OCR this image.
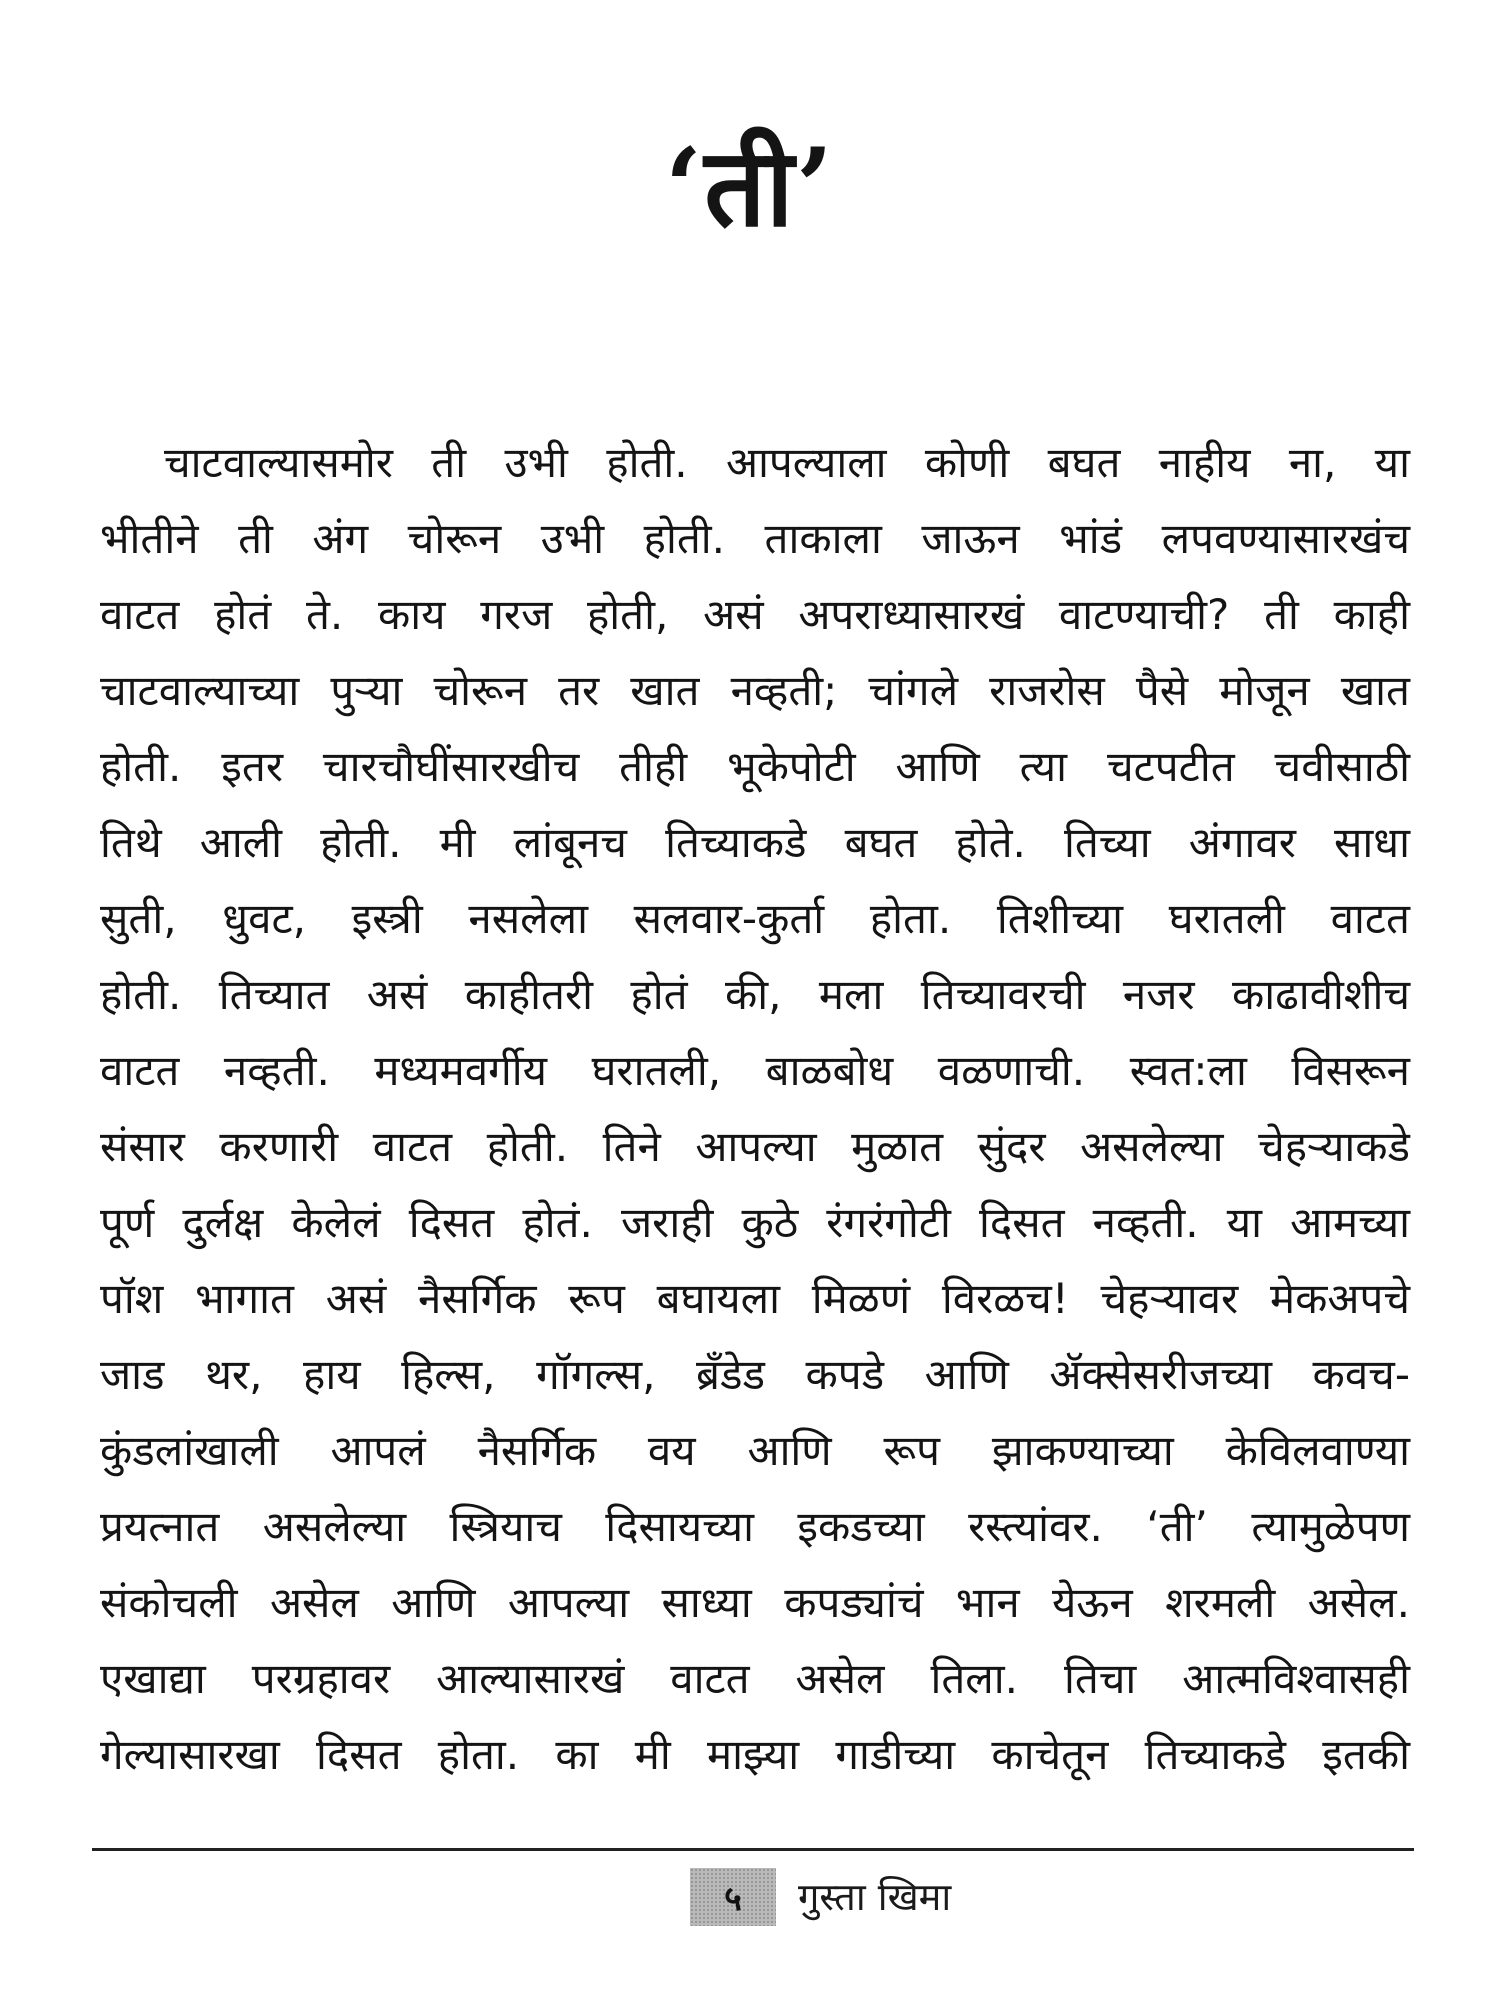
‘ती’
चाटवाल्यासमोर ती उभी होती. आपल्याला कोणी बघत नाहीय ना, या
भीतीने ती अंग चोरून उभी होती. ताकाला जाऊन भांडं लपवण्यासारखंच
वाटत होतं ते. काय गरज होती, असं अपराध्यासारखं वाटण्याची? ती काही
चाटवाल्याच्या पुऱ्या चोरून तर खात नव्हती; चांगले राजरोस पैसे मोजून खात
होती. इतर चारचौघींसारखीच तीही भूकेपोटी आणि त्या चटपटीत चवीसाठी
तिथे आली होती. मी लांबूनच तिच्याकडे बघत होते. तिच्या अंगावर साधा
सुती, धुवट, इस्त्री नसलेला सलवार-कुर्ता होता. तिशीच्या घरातली वाटत
होती. तिच्यात असं काहीतरी होतं की, मला तिच्यावरची नजर काढावीशीच
वाटत नव्हती. मध्यमवर्गीय घरातली, बाळबोध वळणाची. स्वत:ला विसरून
संसार करणारी वाटत होती. तिने आपल्या मुळात सुंदर असलेल्या चेहऱ्याकडे
पूर्ण दुर्लक्ष केलेलं दिसत होतं. जराही कुठे रंगरंगोटी दिसत नव्हती. या आमच्या
पॉश भागात असं नैसर्गिक रूप बघायला मिळणं विरळच! चेहऱ्यावर मेकअपचे
जाड थर, हाय हिल्स, गॉगल्स, ब्रँडेड कपडे आणि ॲक्सेसरीजच्या कवच-
कुंडलांखाली आपलं नैसर्गिक वय आणि रूप झाकण्याच्या केविलवाण्या
प्रयत्नात असलेल्या स्त्रियाच दिसायच्या इकडच्या रस्त्यांवर. ‘ती’ त्यामुळेपण
संकोचली असेल आणि आपल्या साध्या कपड्यांचं भान येऊन शरमली असेल.
एखाद्या परग्रहावर आल्यासारखं वाटत असेल तिला. तिचा आत्मविश्वासही
गेल्यासारखा दिसत होता. का मी माझ्या गाडीच्या काचेतून तिच्याकडे इतकी
५	गुस्ता खिमा
